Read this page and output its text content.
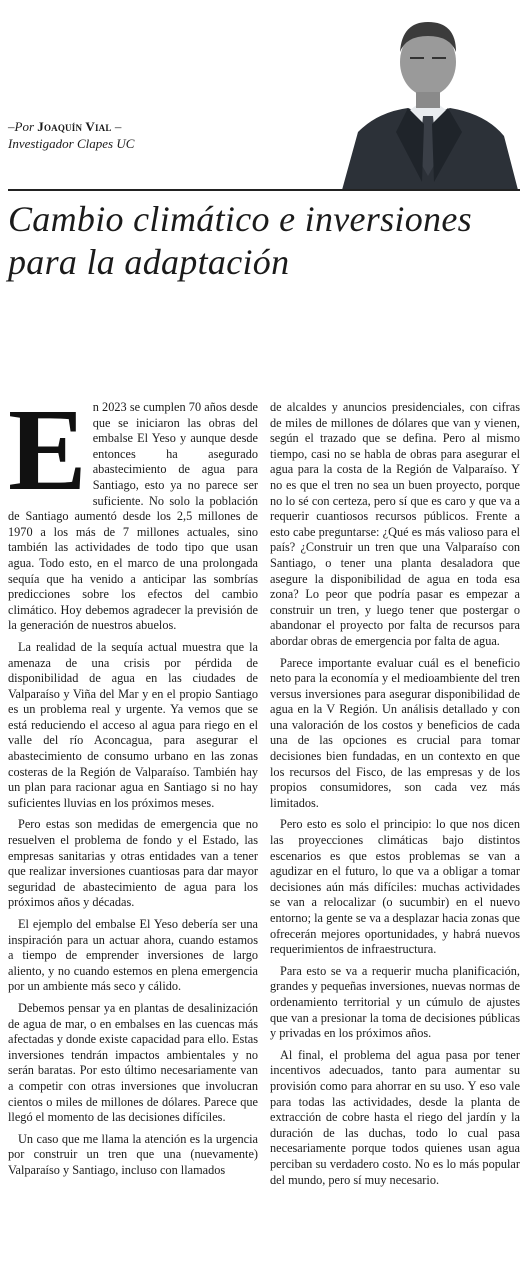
–Por Joaquín Vial –
Investigador Clapes UC
Cambio climático e inversiones para la adaptación

En 2023 se cumplen 70 años desde que se iniciaron las obras del embalse El Yeso y aunque desde entonces ha asegurado abastecimiento de agua para Santiago, esto ya no parece ser suficiente. No solo la población de Santiago aumentó desde los 2,5 millones de 1970 a los más de 7 millones actuales, sino también las actividades de todo tipo que usan agua. Todo esto, en el marco de una prolongada sequía que ha venido a anticipar las sombrías predicciones sobre los efectos del cambio climático. Hoy debemos agradecer la previsión de la generación de nuestros abuelos.

La realidad de la sequía actual muestra que la amenaza de una crisis por pérdida de disponibilidad de agua en las ciudades de Valparaíso y Viña del Mar y en el propio Santiago es un problema real y urgente. Ya vemos que se está reduciendo el acceso al agua para riego en el valle del río Aconcagua, para asegurar el abastecimiento de consumo urbano en las zonas costeras de la Región de Valparaíso. También hay un plan para racionar agua en Santiago si no hay suficientes lluvias en los próximos meses.

Pero estas son medidas de emergencia que no resuelven el problema de fondo y el Estado, las empresas sanitarias y otras entidades van a tener que realizar inversiones cuantiosas para dar mayor seguridad de abastecimiento de agua para los próximos años y décadas.

El ejemplo del embalse El Yeso debería ser una inspiración para un actuar ahora, cuando estamos a tiempo de emprender inversiones de largo aliento, y no cuando estemos en plena emergencia por un ambiente más seco y cálido.

Debemos pensar ya en plantas de desalinización de agua de mar, o en embalses en las cuencas más afectadas y donde existe capacidad para ello. Estas inversiones tendrán impactos ambientales y no serán baratas. Por esto último necesariamente van a competir con otras inversiones que involucran cientos o miles de millones de dólares. Parece que llegó el momento de las decisiones difíciles.

Un caso que me llama la atención es la urgencia por construir un tren que una (nuevamente) Valparaíso y Santiago, incluso con llamados

de alcaldes y anuncios presidenciales, con cifras de miles de millones de dólares que van y vienen, según el trazado que se defina. Pero al mismo tiempo, casi no se habla de obras para asegurar el agua para la costa de la Región de Valparaíso. Y no es que el tren no sea un buen proyecto, porque no lo sé con certeza, pero sí que es caro y que va a requerir cuantiosos recursos públicos. Frente a esto cabe preguntarse: ¿Qué es más valioso para el país? ¿Construir un tren que una Valparaíso con Santiago, o tener una planta desaladora que asegure la disponibilidad de agua en toda esa zona? Lo peor que podría pasar es empezar a construir un tren, y luego tener que postergar o abandonar el proyecto por falta de recursos para abordar obras de emergencia por falta de agua.

Parece importante evaluar cuál es el beneficio neto para la economía y el medioambiente del tren versus inversiones para asegurar disponibilidad de agua en la V Región. Un análisis detallado y con una valoración de los costos y beneficios de cada una de las opciones es crucial para tomar decisiones bien fundadas, en un contexto en que los recursos del Fisco, de las empresas y de los propios consumidores, son cada vez más limitados.

Pero esto es solo el principio: lo que nos dicen las proyecciones climáticas bajo distintos escenarios es que estos problemas se van a agudizar en el futuro, lo que va a obligar a tomar decisiones aún más difíciles: muchas actividades se van a relocalizar (o sucumbir) en el nuevo entorno; la gente se va a desplazar hacia zonas que ofrecerán mejores oportunidades, y habrá nuevos requerimientos de infraestructura.

Para esto se va a requerir mucha planificación, grandes y pequeñas inversiones, nuevas normas de ordenamiento territorial y un cúmulo de ajustes que van a presionar la toma de decisiones públicas y privadas en los próximos años.

Al final, el problema del agua pasa por tener incentivos adecuados, tanto para aumentar su provisión como para ahorrar en su uso. Y eso vale para todas las actividades, desde la planta de extracción de cobre hasta el riego del jardín y la duración de las duchas, todo lo cual pasa necesariamente porque todos quienes usan agua perciban su verdadero costo. No es lo más popular del mundo, pero sí muy necesario.
